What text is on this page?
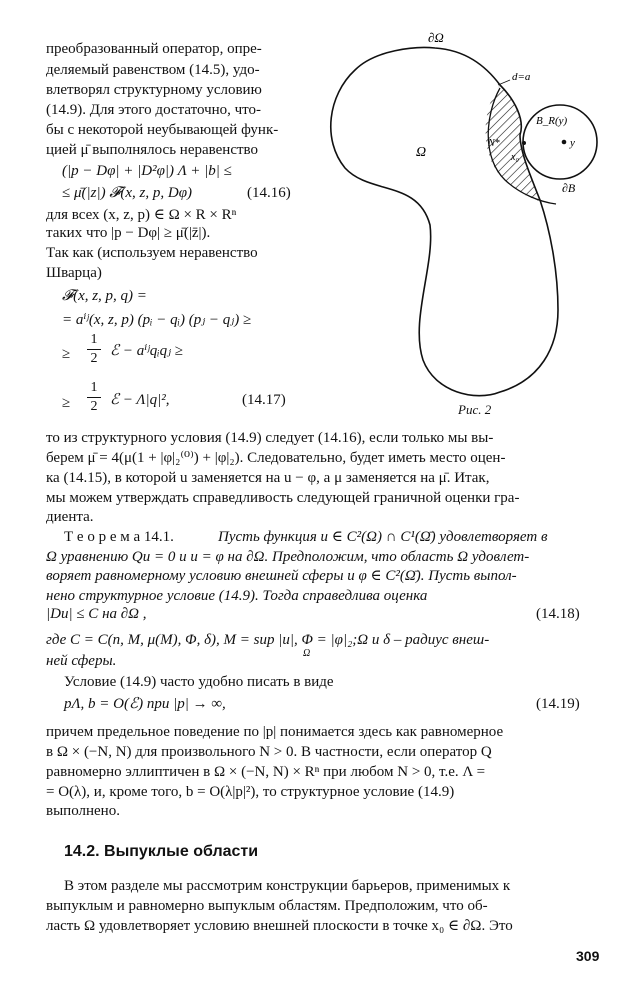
преобразованный оператор, опре-
деляемый равенством (14.5), удо-
влетворял структурному условию
(14.9). Для этого достаточно, что-
бы с некоторой неубывающей функ-
цией μ̄ выполнялось неравенство
(|p − Dφ| + |D²φ|) Λ + |b| ≤
≤ μ̄(|z|) 𝓕(x, z, p, Dφ)	(14.16)
для всех (x, z, p) ∈ Ω × R × Rⁿ
таких что |p − Dφ| ≥ μ̄(|z̄|).
Так как (используем неравенство
Шварца)
𝓕(x, z, p, q) =
= aⁱʲ(x, z, p) (pᵢ − qᵢ) (pⱼ − qⱼ) ≥
≥
1
2 ℰ − aⁱʲqᵢqⱼ ≥
≥
1
2 ℰ − Λ|q|²,	(14.17)
∂Ω
d=a
Ω
N*
x₀
B_R(y)
y
∂B
Рис. 2
то из структурного условия (14.9) следует (14.16), если только мы вы-
берем μ̄ = 4(μ(1 + |φ|₂⁽⁰⁾) + |φ|₂). Следовательно, будет иметь место оцен-
ка (14.15), в которой u заменяется на u − φ, а μ заменяется на μ̄. Итак,
мы можем утверждать справедливость следующей граничной оценки гра-
диента.
Т е о р е м а 14.1.	Пусть функция u ∈ C²(Ω) ∩ C¹(Ω̄) удовлетворяет в
Ω уравнению Qu = 0 и u = φ на ∂Ω. Предположим, что область Ω удовлет-
воряет равномерному условию внешней сферы и φ ∈ C²(Ω̄). Пусть выпол-
нено структурное условие (14.9). Тогда справедлива оценка
|Du| ≤ C на ∂Ω ,	(14.18)
где C = C(n, M, μ(M), Φ, δ), M = sup |u|, Φ = |φ|₂;Ω и δ – радиус внеш-
Ω
ней сферы.
Условие (14.9) часто удобно писать в виде
pΛ, b = O(ℰ) при |p| → ∞,	(14.19)
причем предельное поведение по |p| понимается здесь как равномерное
в Ω × (−N, N) для произвольного N > 0. В частности, если оператор Q
равномерно эллиптичен в Ω × (−N, N) × Rⁿ при любом N > 0, т.е. Λ =
= O(λ), и, кроме того, b = O(λ|p|²), то структурное условие (14.9)
выполнено.
14.2. Выпуклые области
В этом разделе мы рассмотрим конструкции барьеров, применимых к
выпуклым и равномерно выпуклым областям. Предположим, что об-
ласть Ω удовлетворяет условию внешней плоскости в точке x₀ ∈ ∂Ω. Это
309
